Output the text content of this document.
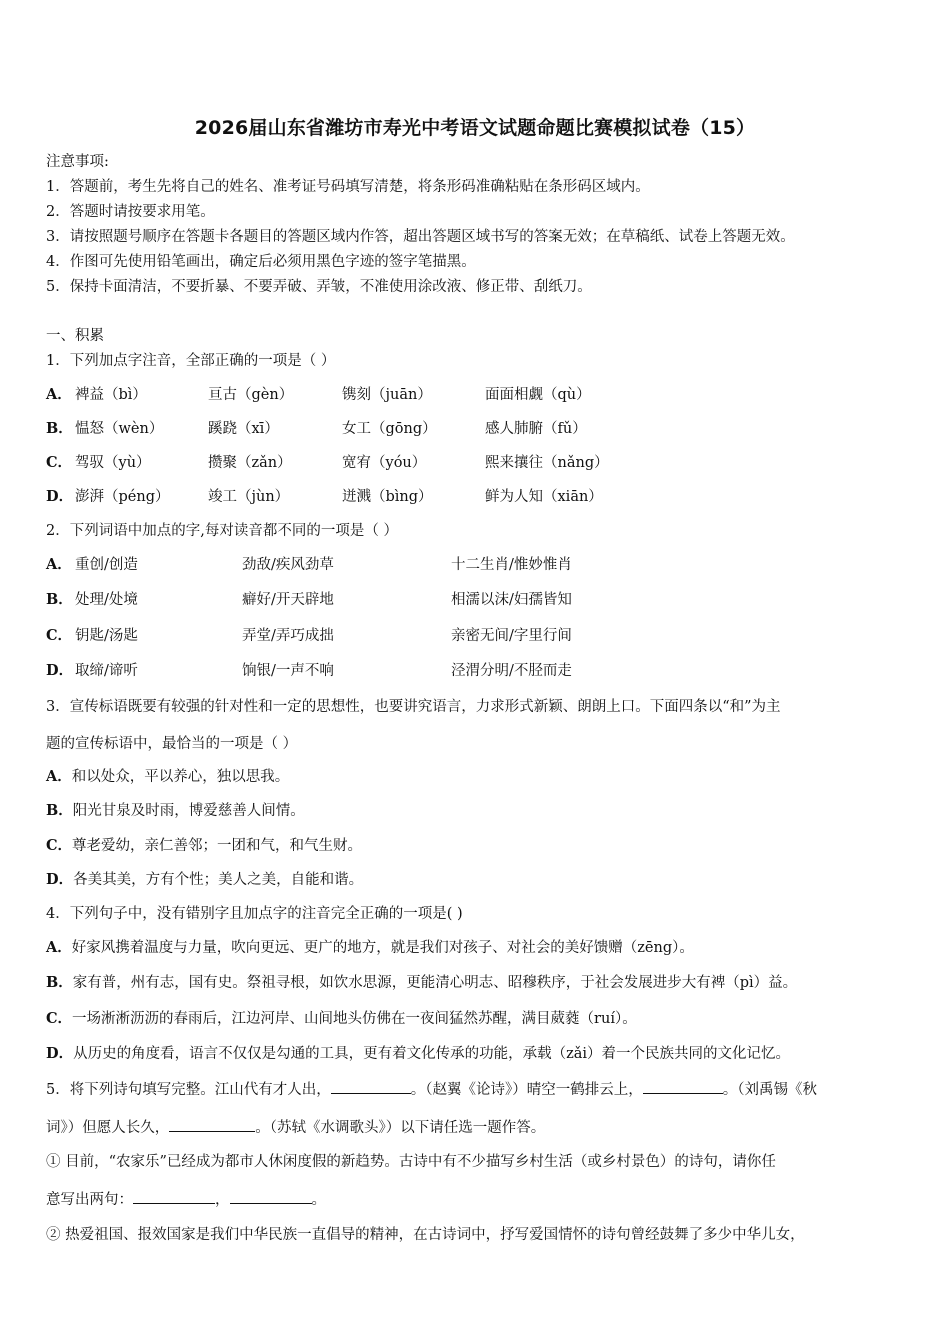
2026届山东省潍坊市寿光中考语文试题命题比赛模拟试卷（15）
注意事项:
1．答题前，考生先将自己的姓名、准考证号码填写清楚，将条形码准确粘贴在条形码区域内。
2．答题时请按要求用笔。
3．请按照题号顺序在答题卡各题目的答题区域内作答，超出答题区域书写的答案无效；在草稿纸、试卷上答题无效。
4．作图可先使用铅笔画出，确定后必须用黑色字迹的签字笔描黑。
5．保持卡面清洁，不要折暴、不要弄破、弄皱，不准使用涂改液、修正带、刮纸刀。
一、积累
1．下列加点字注音，全部正确的一项是（ ）
A． 裨益（bì）	亘古（gèn）	镌刻（juān）	面面相觑（qù）
B． 愠怒（wèn）	蹊跷（xī）	女工（gōng）	感人肺腑（fǔ）
C． 驾驭（yù）	攒聚（zǎn）	宽宥（yóu）	熙来攘往（nǎng）
D． 澎湃（péng）	竣工（jùn）	迸溅（bìng）	鲜为人知（xiān）
2．下列词语中加点的字,每对读音都不同的一项是（ ）
A． 重创/创造	劲敌/疾风劲草	十二生肖/惟妙惟肖
B． 处理/处境	癖好/开天辟地	相濡以沫/妇孺皆知
C． 钥匙/汤匙	弄堂/弄巧成拙	亲密无间/字里行间
D． 取缔/谛听	饷银/一声不响	泾渭分明/不胫而走
3．宣传标语既要有较强的针对性和一定的思想性，也要讲究语言，力求形式新颖、朗朗上口。下面四条以“和”为主
题的宣传标语中，最恰当的一项是（ ）
A．和以处众，平以养心，独以思我。
B．阳光甘泉及时雨，博爱慈善人间情。
C．尊老爱幼，亲仁善邻；一团和气，和气生财。
D．各美其美，方有个性；美人之美，自能和谐。
4．下列句子中，没有错别字且加点字的注音完全正确的一项是( )
A．好家风携着温度与力量，吹向更远、更广的地方，就是我们对孩子、对社会的美好馈赠（zēng）。
B．家有普，州有志，国有史。祭祖寻根，如饮水思源，更能清心明志、昭穆秩序，于社会发展进步大有裨（pì）益。
C．一场淅淅沥沥的春雨后，江边河岸、山间地头仿佛在一夜间猛然苏醒，满目葳蕤（ruí）。
D．从历史的角度看，语言不仅仅是勾通的工具，更有着文化传承的功能，承载（zǎi）着一个民族共同的文化记忆。
5．将下列诗句填写完整。江山代有才人出，	。（赵翼《论诗》）晴空一鹤排云上，	。（刘禹锡《秋
词》）但愿人长久，	。（苏轼《水调歌头》）以下请任选一题作答。
① 目前，“农家乐”已经成为都市人休闲度假的新趋势。古诗中有不少描写乡村生活（或乡村景色）的诗句，请你任
意写出两句：	，	。
② 热爱祖国、报效国家是我们中华民族一直倡导的精神，在古诗词中，抒写爱国情怀的诗句曾经鼓舞了多少中华儿女，
